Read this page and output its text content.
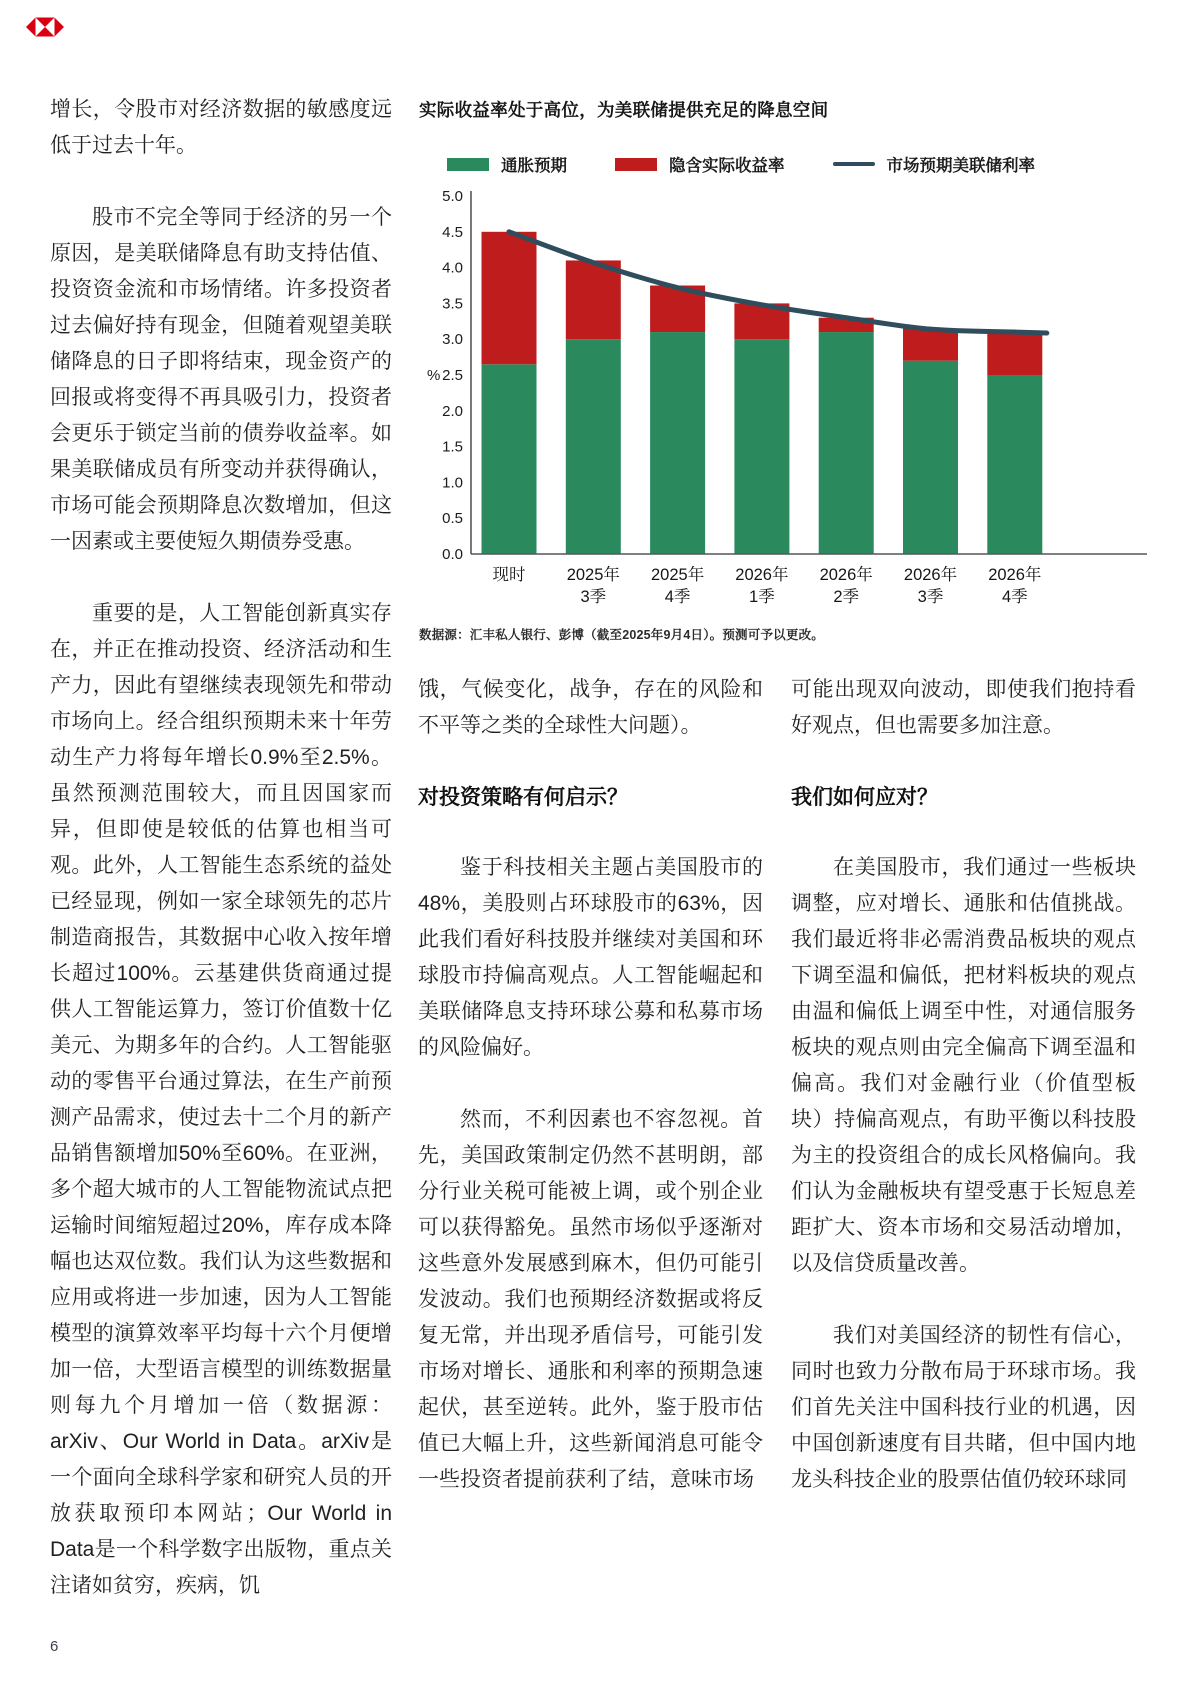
增长，令股市对经济数据的敏感度远低于过去十年。

股市不完全等同于经济的另一个原因，是美联储降息有助支持估值、投资资金流和市场情绪。许多投资者过去偏好持有现金，但随着观望美联储降息的日子即将结束，现金资产的回报或将变得不再具吸引力，投资者会更乐于锁定当前的债券收益率。如果美联储成员有所变动并获得确认，市场可能会预期降息次数增加，但这一因素或主要使短久期债券受惠。

重要的是，人工智能创新真实存在，并正在推动投资、经济活动和生产力，因此有望继续表现领先和带动市场向上。经合组织预期未来十年劳动生产力将每年增长0.9%至2.5%。虽然预测范围较大，而且因国家而异，但即使是较低的估算也相当可观。此外，人工智能生态系统的益处已经显现，例如一家全球领先的芯片制造商报告，其数据中心收入按年增长超过100%。云基建供货商通过提供人工智能运算力，签订价值数十亿美元、为期多年的合约。人工智能驱动的零售平台通过算法，在生产前预测产品需求，使过去十二个月的新产品销售额增加50%至60%。在亚洲，多个超大城市的人工智能物流试点把运输时间缩短超过20%，库存成本降幅也达双位数。我们认为这些数据和应用或将进一步加速，因为人工智能模型的演算效率平均每十六个月便增加一倍，大型语言模型的训练数据量则每九个月增加一倍（数据源：arXiv、Our World in Data。arXiv是一个面向全球科学家和研究人员的开放获取预印本网站；Our World in Data是一个科学数字出版物，重点关注诸如贫穷，疾病，饥

实际收益率处于高位，为美联储提供充足的降息空间
通胀预期	隐含实际收益率	市场预期美联储利率
0.0
0.5
1.0
1.5
2.0
2.5
3.0
3.5
4.0
4.5
5.0
%
现时 2025年 3季
2025年 4季
2026年 1季
2026年 2季
2026年 3季
2026年 4季
数据源：汇丰私人银行、彭博（截至2025年9月4日）。预测可予以更改。

饿，气候变化，战争，存在的风险和不平等之类的全球性大问题）。

对投资策略有何启示？

鉴于科技相关主题占美国股市的48%，美股则占环球股市的63%，因此我们看好科技股并继续对美国和环球股市持偏高观点。人工智能崛起和美联储降息支持环球公募和私募市场的风险偏好。

然而，不利因素也不容忽视。首先，美国政策制定仍然不甚明朗，部分行业关税可能被上调，或个别企业可以获得豁免。虽然市场似乎逐渐对这些意外发展感到麻木，但仍可能引发波动。我们也预期经济数据或将反复无常，并出现矛盾信号，可能引发市场对增长、通胀和利率的预期急速起伏，甚至逆转。此外，鉴于股市估值已大幅上升，这些新闻消息可能令一些投资者提前获利了结，意味市场

可能出现双向波动，即使我们抱持看好观点，但也需要多加注意。

我们如何应对？

在美国股市，我们通过一些板块调整，应对增长、通胀和估值挑战。我们最近将非必需消费品板块的观点下调至温和偏低，把材料板块的观点由温和偏低上调至中性，对通信服务板块的观点则由完全偏高下调至温和偏高。我们对金融行业（价值型板块）持偏高观点，有助平衡以科技股为主的投资组合的成长风格偏向。我们认为金融板块有望受惠于长短息差距扩大、资本市场和交易活动增加，以及信贷质量改善。

我们对美国经济的韧性有信心，同时也致力分散布局于环球市场。我们首先关注中国科技行业的机遇，因中国创新速度有目共睹，但中国内地龙头科技企业的股票估值仍较环球同

6
